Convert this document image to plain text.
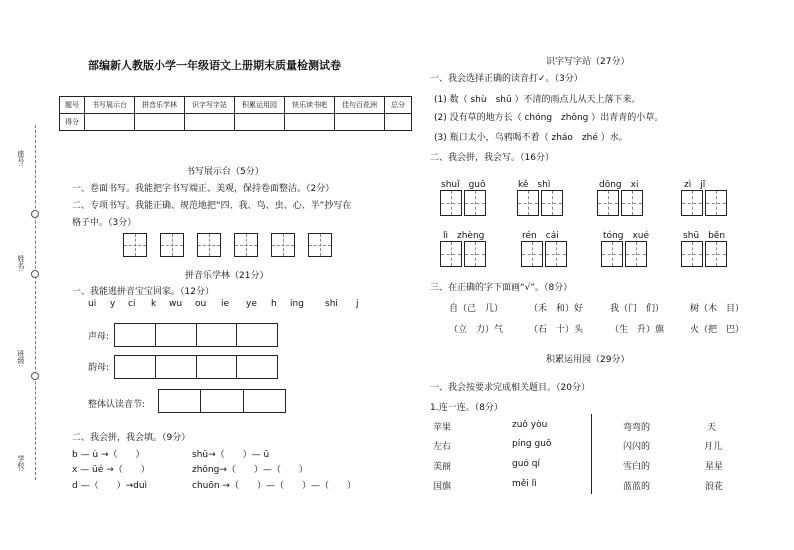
座号:
姓名:
班级:
学校:
部编新人教版小学一年级语文上册期末质量检测试卷
题号	书写展示台	拼音乐学林	识字写字站	积累运用园	快乐读书吧	佳句百花洲	总分
得分							
书写展示台（5分）
一、卷面书写。我能把字书写端正、美观，保持卷面整洁。（2分）
二、专项书写。我能正确、规范地把“四、我、鸟、虫、心、半”抄写在
格子中。（3分）
拼音乐学林（21分）
一、我能逃拼音宝宝回家。（12分）
ui y ci k wu ou ie ye h ing shi j
声母:
韵母:
整体认读音节:
二、我会拼，我会填。（9分）
b — ù →（　　）	shū→（　　）— ū
x — üé →（　　）	zhōng→（　　）—（　　）
d —（　　）→duì	chuōn →（　　）—（　　）—（　　）
识字写字站（27分）
一、我会选择正确的读音打✓。（3分）
(1) 数（ shù　shǔ ）不清的雨点儿从天上落下来。
(2) 没有草的地方长（ chóng　zhǒng ）出青青的小草。
(3) 瓶口太小，乌鸦喝不着（ zháo　zhé ）水。
二、我会拼，我会写。（16分）
shuǐ　guǒ	kě　shì	dōng　xi	zì　jǐ
lì　zhèng	rén　cái	tóng　xué	shū　běn
三、在正确的字下面画“√”。（8分）
自（己　几）	（禾　和）好	我（门　们）	树（木　目）
（立　力）气	（石　十）头	（生　升）旗	火（把　巴）
积累运用园（29分）
一、我会按要求完成相关题目。（20分）
1.连一连。（8分）
苹果	zuǒ yòu	弯弯的	天
左右	píng guǒ	闪闪的	月儿
美丽	guó qí	雪白的	星星
国旗	měi lì	蓝蓝的	浪花
